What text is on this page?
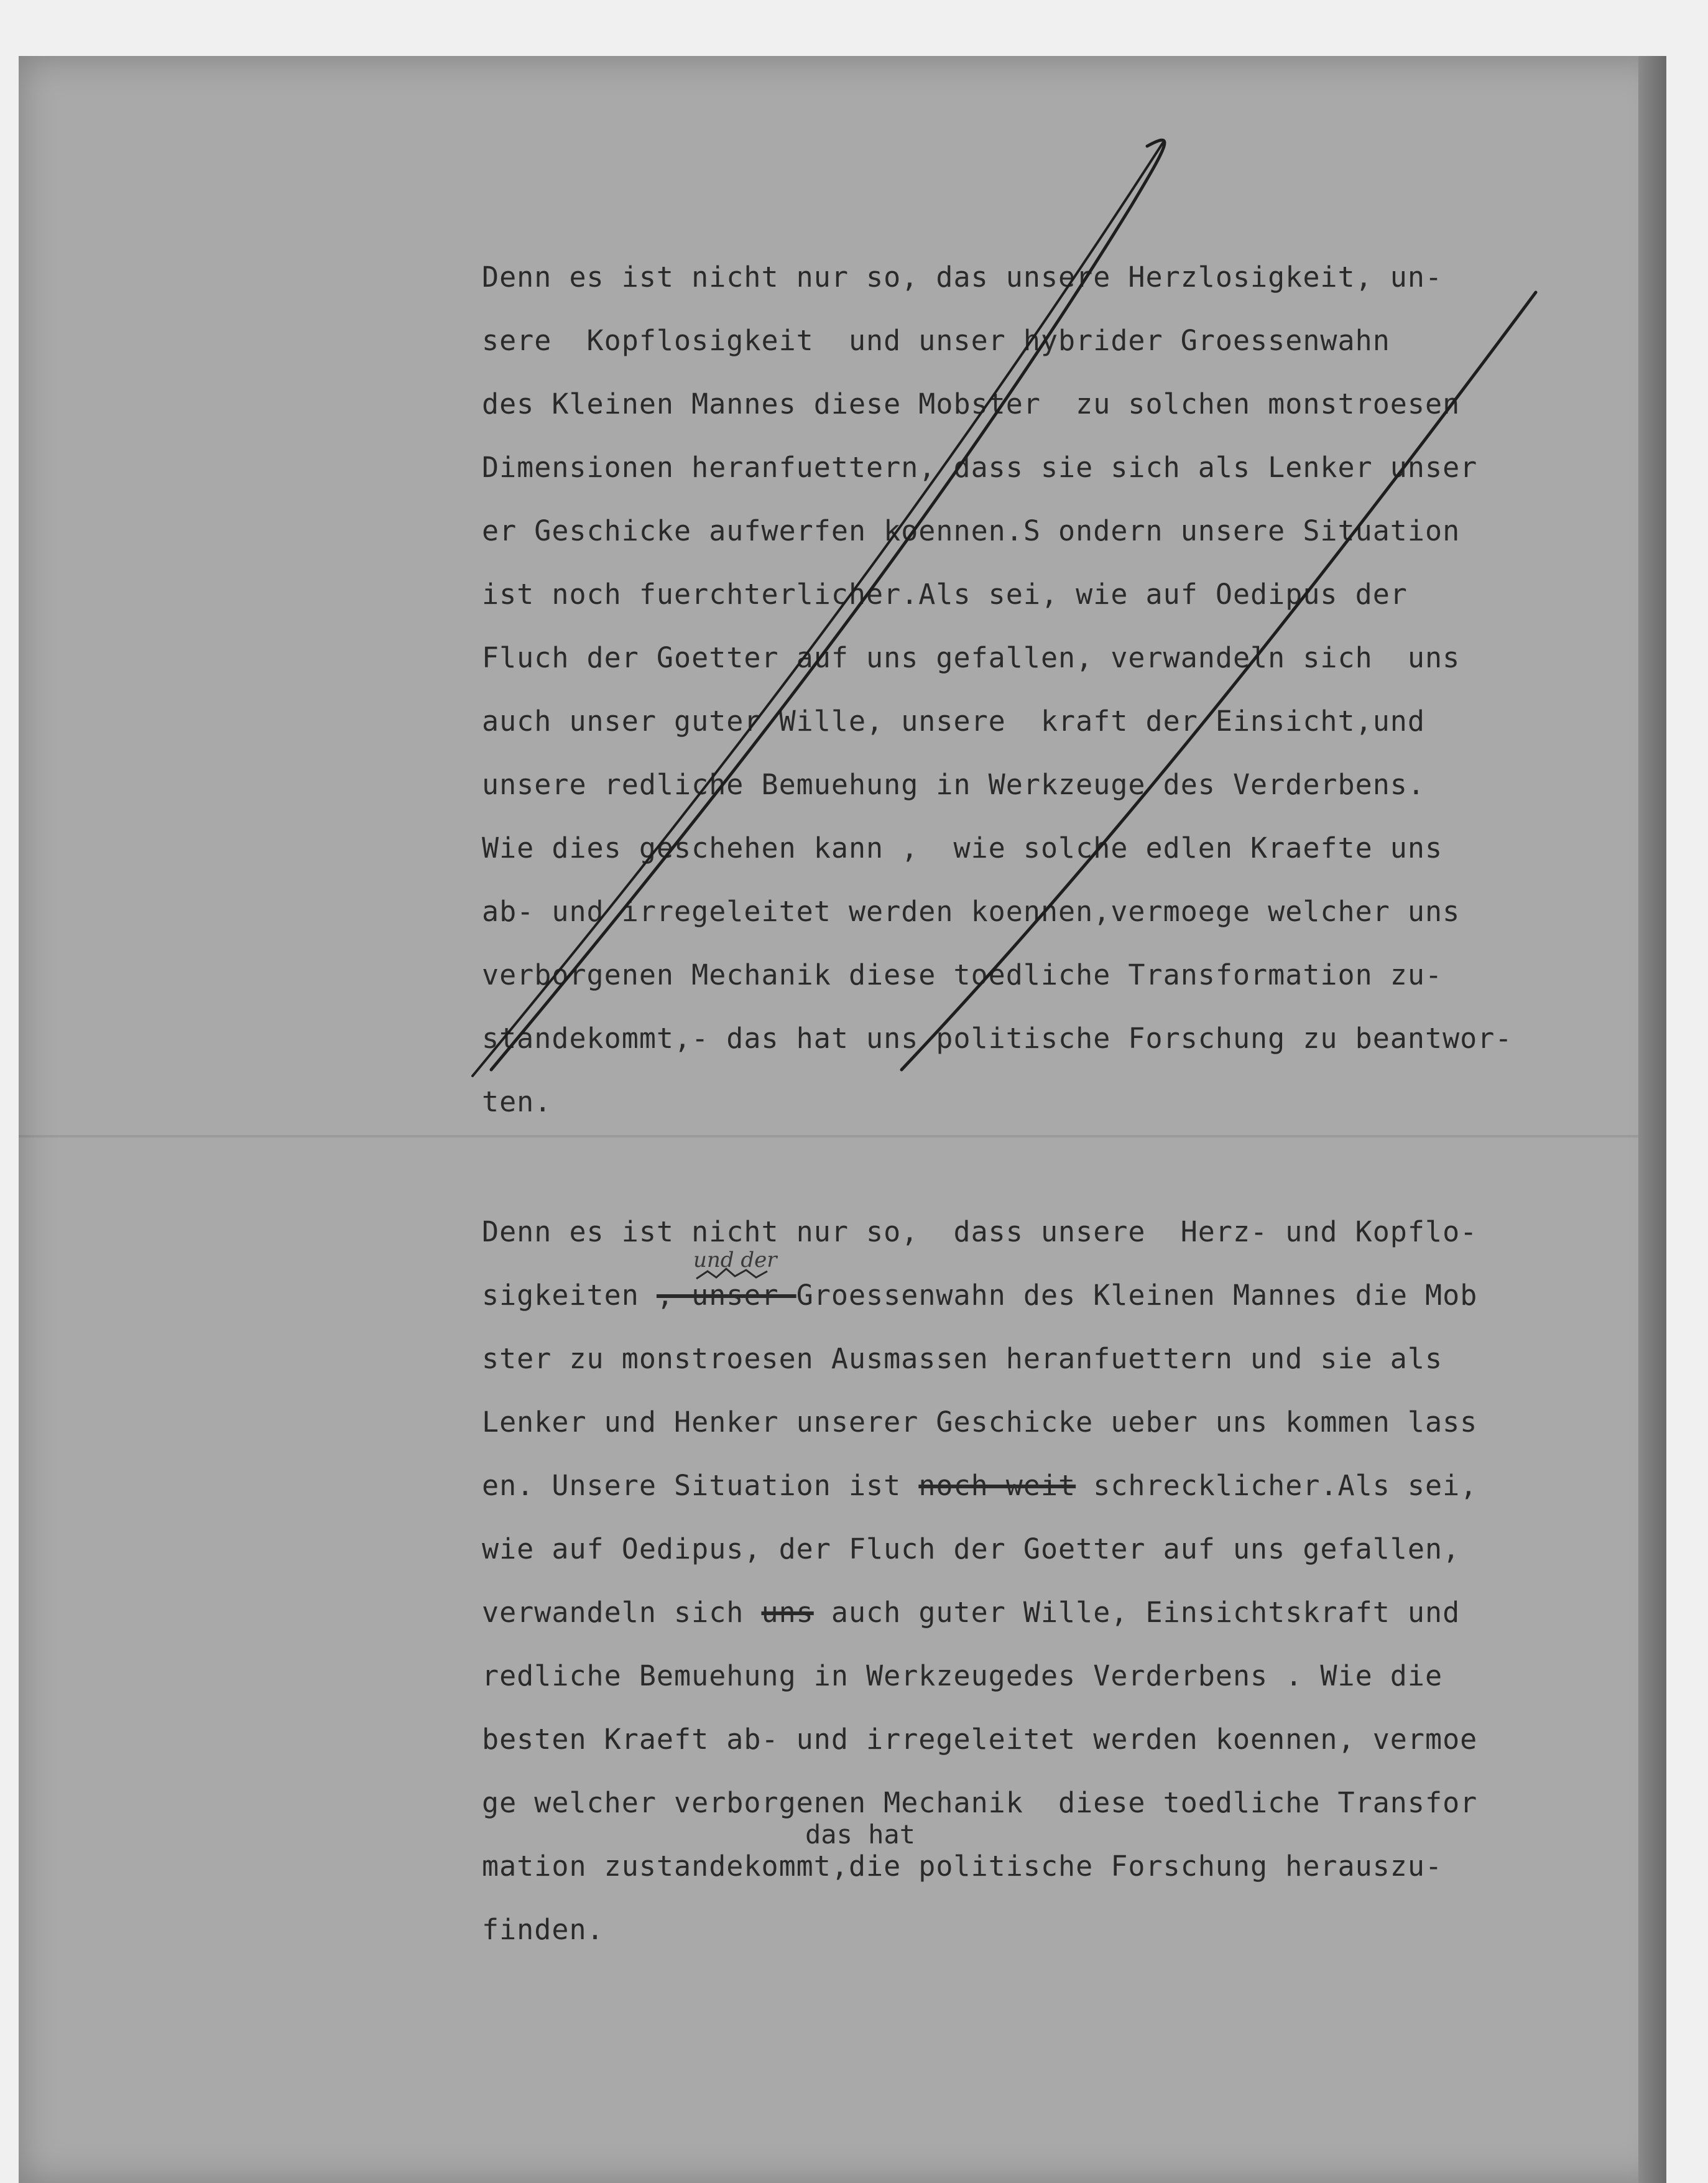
Denn es ist nicht nur so, das unsere Herzlosigkeit, un-
sere  Kopflosigkeit  und unser hybrider Groessenwahn
des Kleinen Mannes diese Mobster  zu solchen monstroesen
Dimensionen heranfuettern, dass sie sich als Lenker unser
er Geschicke aufwerfen koennen.S ondern unsere Situation
ist noch fuerchterlicher.Als sei, wie auf Oedipus der
Fluch der Goetter auf uns gefallen, verwandeln sich  uns
auch unser guter Wille, unsere  kraft der Einsicht,und
unsere redliche Bemuehung in Werkzeuge des Verderbens.
Wie dies geschehen kann ,  wie solche edlen Kraefte uns
ab- und irregeleitet werden koennen,vermoege welcher uns
verborgenen Mechanik diese toedliche Transformation zu-
standekommt,- das hat uns politische Forschung zu beantwor-
ten.
Denn es ist nicht nur so,  dass unsere  Herz- und Kopflo-
sigkeiten , unser Groessenwahn des Kleinen Mannes die Mob
ster zu monstroesen Ausmassen heranfuettern und sie als
Lenker und Henker unserer Geschicke ueber uns kommen lass
en. Unsere Situation ist noch weit schrecklicher.Als sei,
wie auf Oedipus, der Fluch der Goetter auf uns gefallen,
verwandeln sich uns auch guter Wille, Einsichtskraft und
redliche Bemuehung in Werkzeugedes Verderbens . Wie die
besten Kraeft ab- und irregeleitet werden koennen, vermoe
ge welcher verborgenen Mechanik  diese toedliche Transfor
mation zustandekommt,die politische Forschung herauszu-
finden.
das hat
und der
